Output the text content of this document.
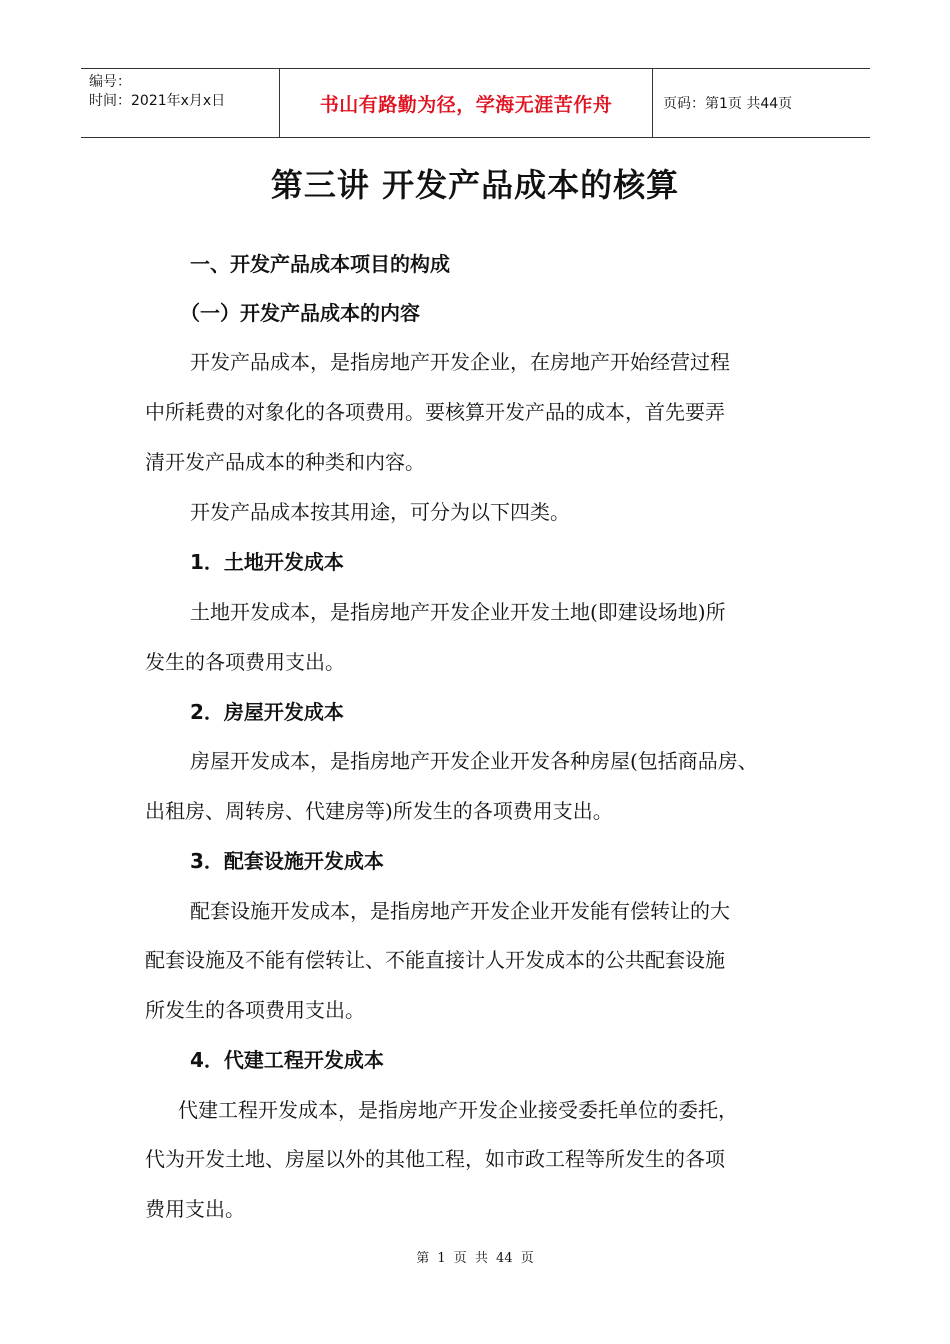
编号：
时间：2021年x月x日	书山有路勤为径，学海无涯苦作舟	页码：第1页 共44页
第三讲 开发产品成本的核算
一、开发产品成本项目的构成
（一）开发产品成本的内容
开发产品成本，是指房地产开发企业，在房地产开始经营过程
中所耗费的对象化的各项费用。要核算开发产品的成本，首先要弄
清开发产品成本的种类和内容。
开发产品成本按其用途，可分为以下四类。
1．土地开发成本
土地开发成本，是指房地产开发企业开发土地(即建设场地)所
发生的各项费用支出。
2．房屋开发成本
房屋开发成本，是指房地产开发企业开发各种房屋(包括商品房、
出租房、周转房、代建房等)所发生的各项费用支出。
3．配套设施开发成本
配套设施开发成本，是指房地产开发企业开发能有偿转让的大
配套设施及不能有偿转让、不能直接计人开发成本的公共配套设施
所发生的各项费用支出。
4．代建工程开发成本
代建工程开发成本，是指房地产开发企业接受委托单位的委托，
代为开发土地、房屋以外的其他工程，如市政工程等所发生的各项
费用支出。
第 1 页 共 44 页
